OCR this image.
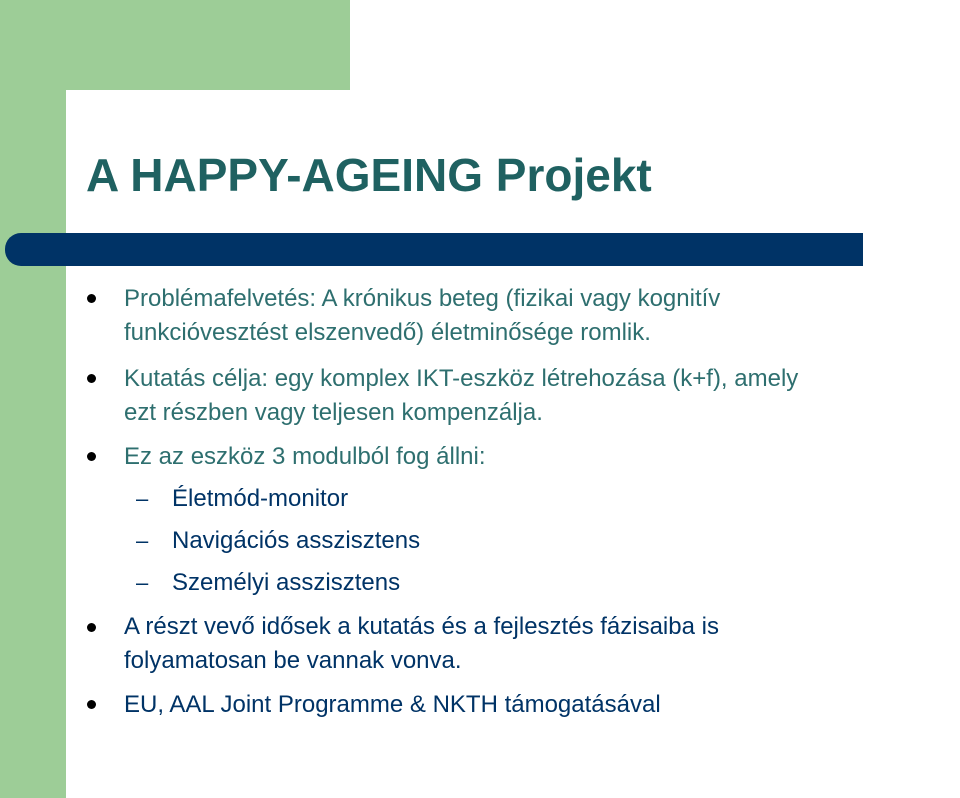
A HAPPY-AGEING Projekt

Problémafelvetés: A krónikus beteg (fizikai vagy kognitív

funkcióvesztést elszenvedő) életminősége romlik.

Kutatás célja: egy komplex IKT-eszköz létrehozása (k+f), amely

ezt részben vagy teljesen kompenzálja.

Ez az eszköz 3 modulból fog állni:

– Életmód-monitor
– Navigációs asszisztens
– Személyi asszisztens

A részt vevő idősek a kutatás és a fejlesztés fázisaiba is

folyamatosan be vannak vonva.

EU, AAL Joint Programme & NKTH támogatásával
